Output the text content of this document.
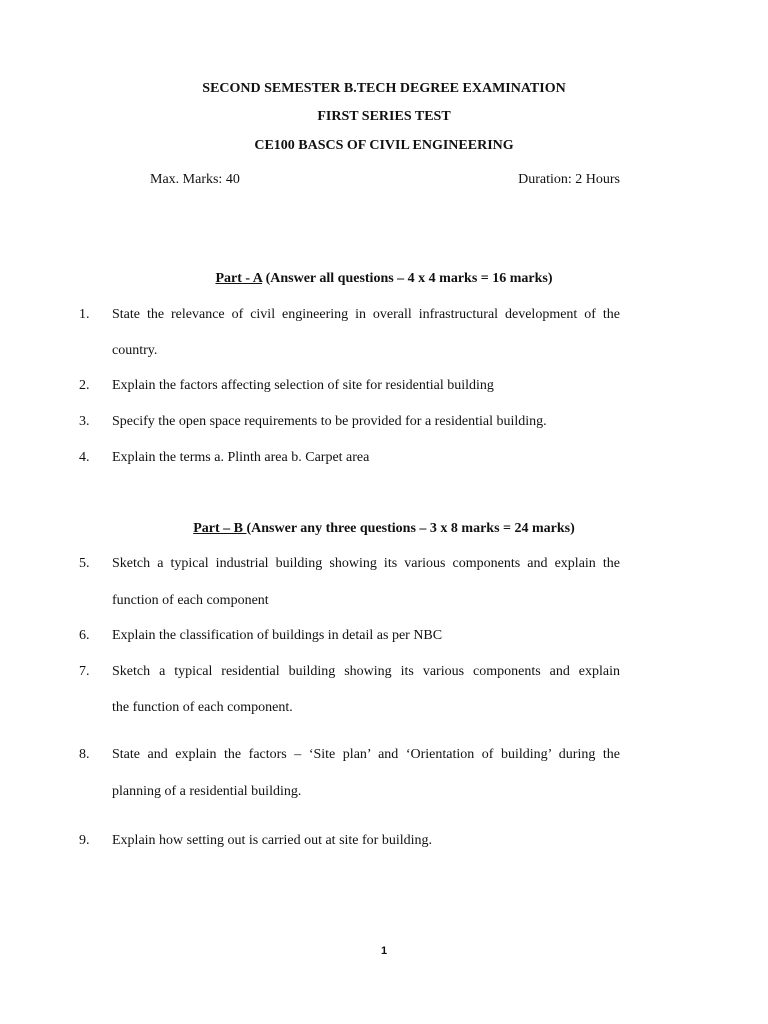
SECOND SEMESTER B.TECH DEGREE EXAMINATION
FIRST SERIES TEST
CE100 BASCS OF CIVIL ENGINEERING
Max. Marks: 40	Duration: 2 Hours
Part - A (Answer all questions – 4 x 4 marks = 16 marks)
1. State the relevance of civil engineering in overall infrastructural development of the
country.
2. Explain the factors affecting selection of site for residential building
3. Specify the open space requirements to be provided for a residential building.
4. Explain the terms a. Plinth area b. Carpet area
Part – B (Answer any three questions – 3 x 8 marks = 24 marks)
5. Sketch a typical industrial building showing its various components and explain the
function of each component
6. Explain the classification of buildings in detail as per NBC
7. Sketch a typical residential building showing its various components and explain
the function of each component.
8. State and explain the factors – ‘Site plan’ and ‘Orientation of building’ during the
planning of a residential building.
9. Explain how setting out is carried out at site for building.
1
